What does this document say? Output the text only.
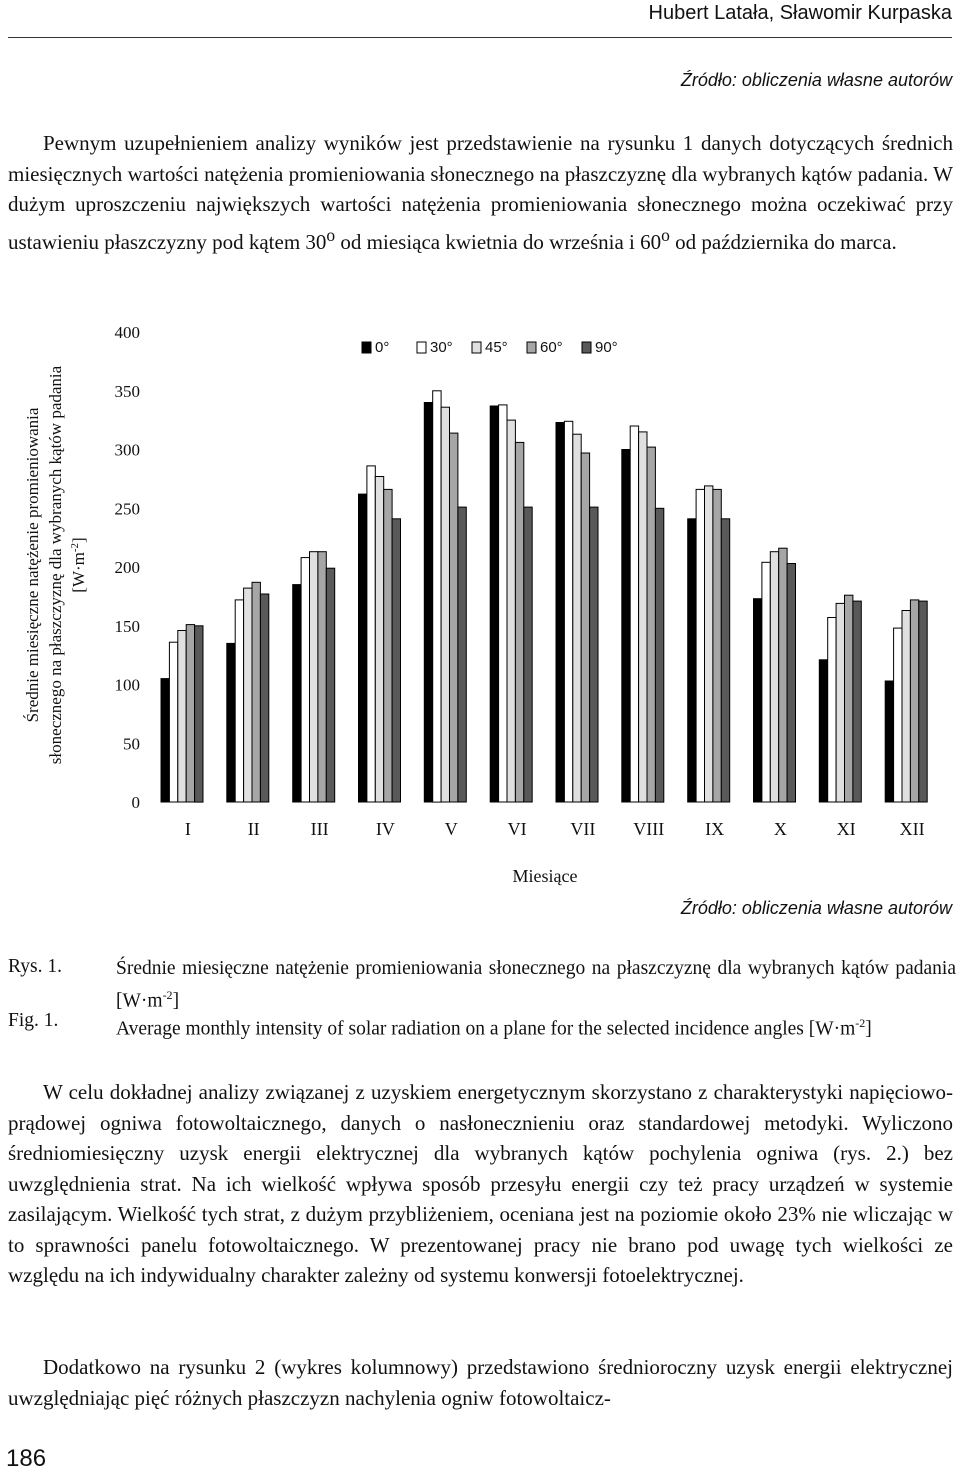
Hubert Latała, Sławomir Kurpaska
Źródło: obliczenia własne autorów

Pewnym uzupełnieniem analizy wyników jest przedstawienie na rysunku 1 danych dotyczących średnich miesięcznych wartości natężenia promieniowania słonecznego na płaszczyznę dla wybranych kątów padania. W dużym uproszczeniu największych wartości natężenia promieniowania słonecznego można oczekiwać przy ustawieniu płaszczyzny pod kątem 30$^o$ od miesiąca kwietnia do września i 60$^o$ od października do marca.

Średnie miesięczne natężenie promieniowania słonecznego na płaszczyznę dla wybranych kątów padania $[W\cdot m^{-2}]$
0
50
100
150
200
250
300
350
400
I	II	III	IV	V	VI VII VIII IX	X	XI XII
Miesiące
0°	30° 45° 60° 90°
Źródło: obliczenia własne autorów
Rys. 1.	Średnie miesięczne natężenie promieniowania słonecznego na płaszczyznę dla wybranych kątów padania $[W\cdot m^{-2}]$
Fig. 1.	Average monthly intensity of solar radiation on a plane for the selected incidence angles $[W\cdot m^{-2}]$

W celu dokładnej analizy związanej z uzyskiem energetycznym skorzystano z charakterystyki napięciowo-prądowej ogniwa fotowoltaicznego, danych o nasłonecznieniu oraz standardowej metodyki. Wyliczono średniomiesięczny uzysk energii elektrycznej dla wybranych kątów pochylenia ogniwa (rys. 2.) bez uwzględnienia strat. Na ich wielkość wpływa sposób przesyłu energii czy też pracy urządzeń w systemie zasilającym. Wielkość tych strat, z dużym przybliżeniem, oceniana jest na poziomie około 23% nie wliczając w to sprawności panelu fotowoltaicznego. W prezentowanej pracy nie brano pod uwagę tych wielkości ze względu na ich indywidualny charakter zależny od systemu konwersji fotoelektrycznej.

Dodatkowo na rysunku 2 (wykres kolumnowy) przedstawiono średnioroczny uzysk energii elektrycznej uwzględniając pięć różnych płaszczyzn nachylenia ogniw fotowoltaicz-

186
